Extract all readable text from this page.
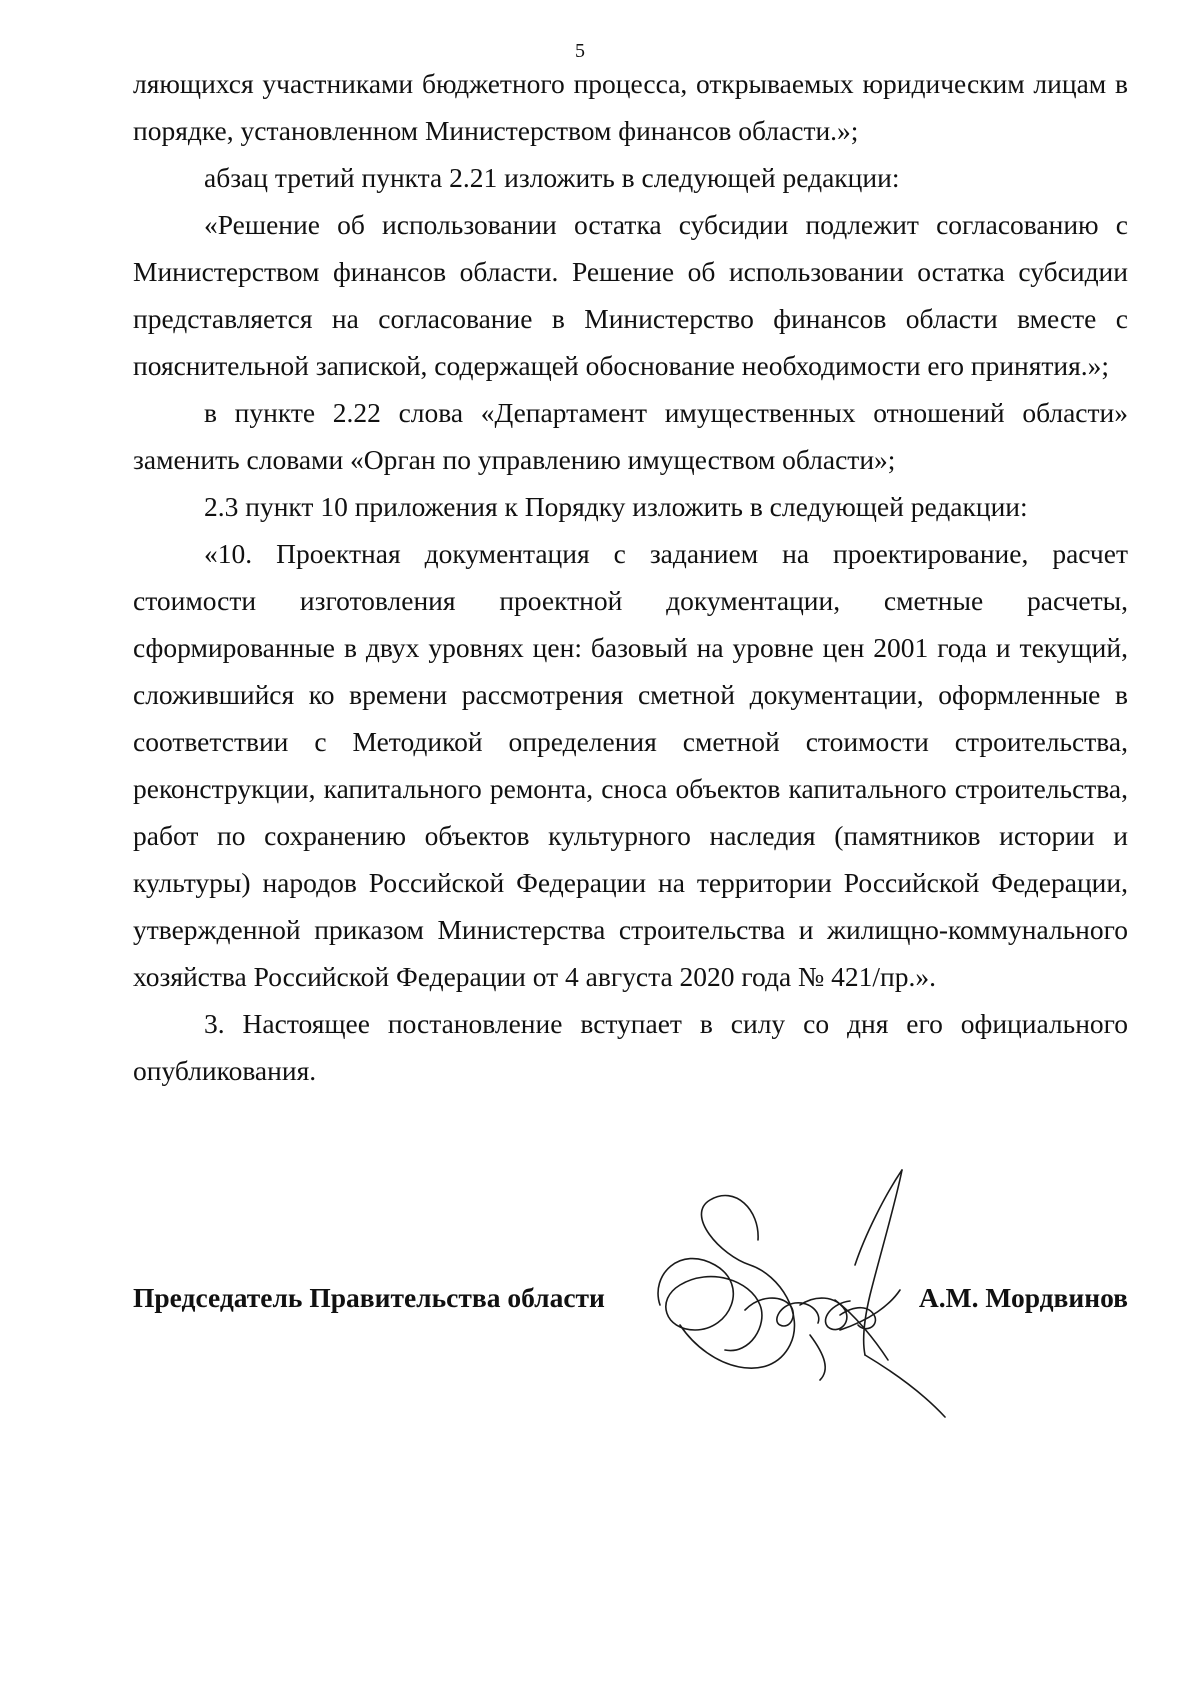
5

ляющихся участниками бюджетного процесса, открываемых юридическим лицам в порядке, установленном Министерством финансов области.»;

абзац третий пункта 2.21 изложить в следующей редакции:

«Решение об использовании остатка субсидии подлежит согласованию с Министерством финансов области. Решение об использовании остатка субсидии представляется на согласование в Министерство финансов области вместе с пояснительной запиской, содержащей обоснование необходимости его принятия.»;

в пункте 2.22 слова «Департамент имущественных отношений области» заменить словами «Орган по управлению имуществом области»;

2.3 пункт 10 приложения к Порядку изложить в следующей редакции:

«10. Проектная документация с заданием на проектирование, расчет стоимости изготовления проектной документации, сметные расчеты, сформированные в двух уровнях цен: базовый на уровне цен 2001 года и текущий, сложившийся ко времени рассмотрения сметной документации, оформленные в соответствии с Методикой определения сметной стоимости строительства, реконструкции, капитального ремонта, сноса объектов капитального строительства, работ по сохранению объектов культурного наследия (памятников истории и культуры) народов Российской Федерации на территории Российской Федерации, утвержденной приказом Министерства строительства и жилищно-коммунального хозяйства Российской Федерации от 4 августа 2020 года № 421/пр.».

3. Настоящее постановление вступает в силу со дня его официального опубликования.

Председатель Правительства области	А.М. Мордвинов
